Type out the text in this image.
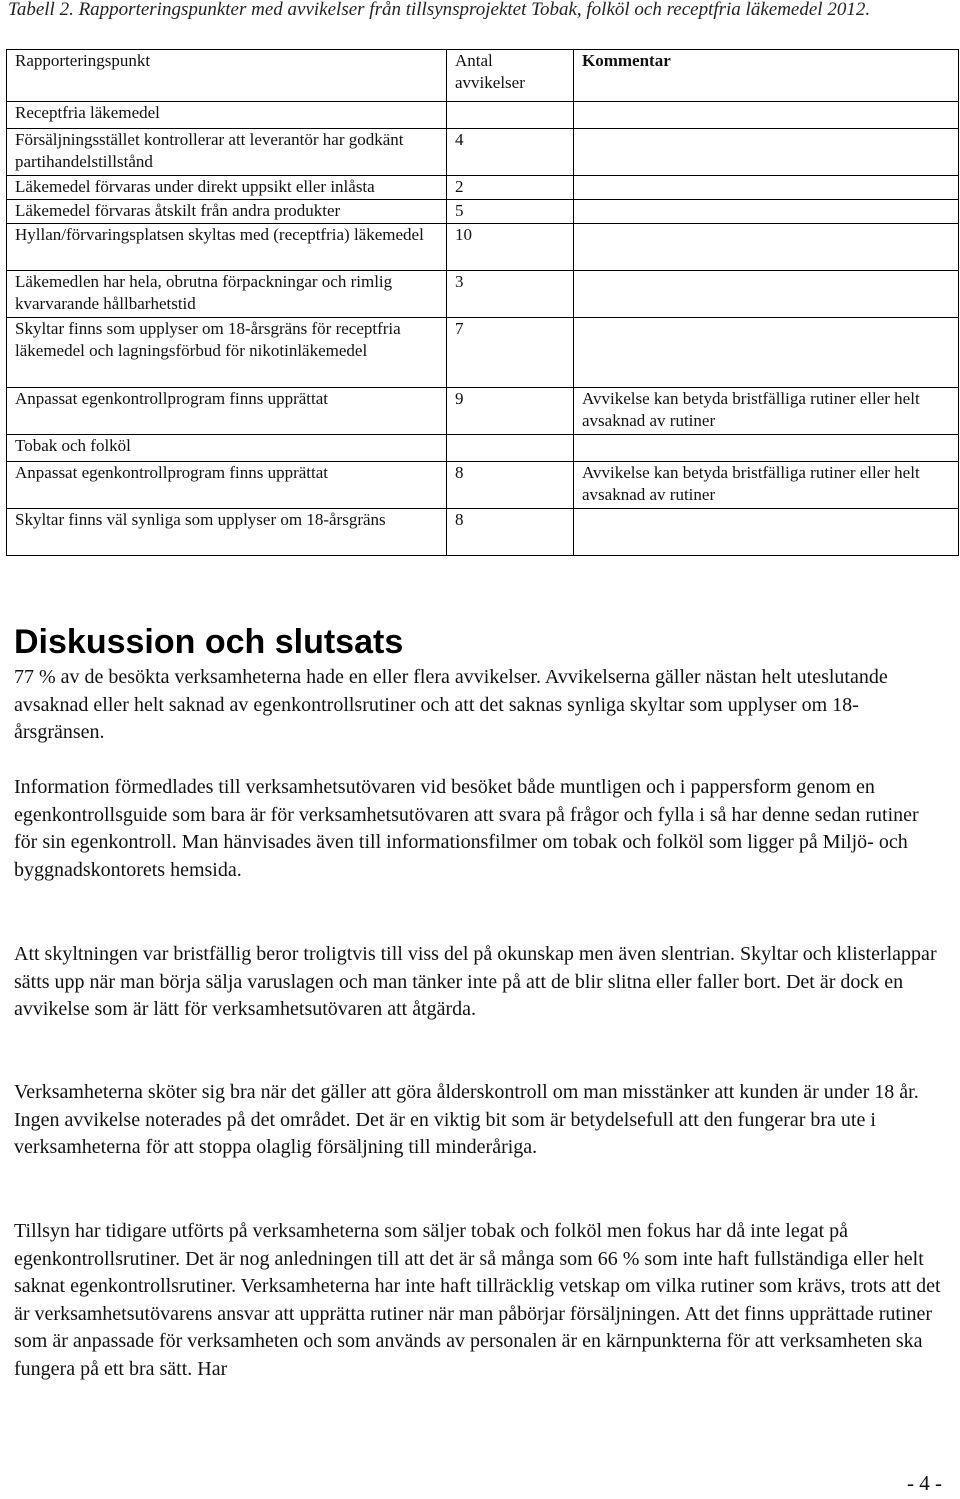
Tabell 2. Rapporteringspunkter med avvikelser från tillsynsprojektet Tobak, folköl och receptfria läkemedel 2012.
Rapporteringspunkt	Antal avvikelser	Kommentar
Receptfria läkemedel		
Försäljningsstället kontrollerar att leverantör har godkänt partihandelstillstånd	4	
Läkemedel förvaras under direkt uppsikt eller inlåsta	2	
Läkemedel förvaras åtskilt från andra produkter	5	
Hyllan/förvaringsplatsen skyltas med (receptfria) läkemedel	10	
Läkemedlen har hela, obrutna förpackningar och rimlig kvarvarande hållbarhetstid	3	
Skyltar finns som upplyser om 18-årsgräns för receptfria läkemedel och lagningsförbud för nikotinläkemedel	7	
Anpassat egenkontrollprogram finns upprättat	9	Avvikelse kan betyda bristfälliga rutiner eller helt avsaknad av rutiner
Tobak och folköl		
Anpassat egenkontrollprogram finns upprättat	8	Avvikelse kan betyda bristfälliga rutiner eller helt avsaknad av rutiner
Skyltar finns väl synliga som upplyser om 18-årsgräns	8	
Diskussion och slutsats

77 % av de besökta verksamheterna hade en eller flera avvikelser. Avvikelserna gäller nästan helt uteslutande avsaknad eller helt saknad av egenkontrollsrutiner och att det saknas synliga skyltar som upplyser om 18-årsgränsen.

Information förmedlades till verksamhetsutövaren vid besöket både muntligen och i pappersform genom en egenkontrollsguide som bara är för verksamhetsutövaren att svara på frågor och fylla i så har denne sedan rutiner för sin egenkontroll. Man hänvisades även till informationsfilmer om tobak och folköl som ligger på Miljö- och byggnadskontorets hemsida.

Att skyltningen var bristfällig beror troligtvis till viss del på okunskap men även slentrian. Skyltar och klisterlappar sätts upp när man börja sälja varuslagen och man tänker inte på att de blir slitna eller faller bort. Det är dock en avvikelse som är lätt för verksamhetsutövaren att åtgärda.

Verksamheterna sköter sig bra när det gäller att göra ålderskontroll om man misstänker att kunden är under 18 år. Ingen avvikelse noterades på det området. Det är en viktig bit som är betydelsefull att den fungerar bra ute i verksamheterna för att stoppa olaglig försäljning till minderåriga.

Tillsyn har tidigare utförts på verksamheterna som säljer tobak och folköl men fokus har då inte legat på egenkontrollsrutiner. Det är nog anledningen till att det är så många som 66 % som inte haft fullständiga eller helt saknat egenkontrollsrutiner. Verksamheterna har inte haft tillräcklig vetskap om vilka rutiner som krävs, trots att det är verksamhetsutövarens ansvar att upprätta rutiner när man påbörjar försäljningen. Att det finns upprättade rutiner som är anpassade för verksamheten och som används av personalen är en kärnpunkterna för att verksamheten ska fungera på ett bra sätt. Har

- 4 -
